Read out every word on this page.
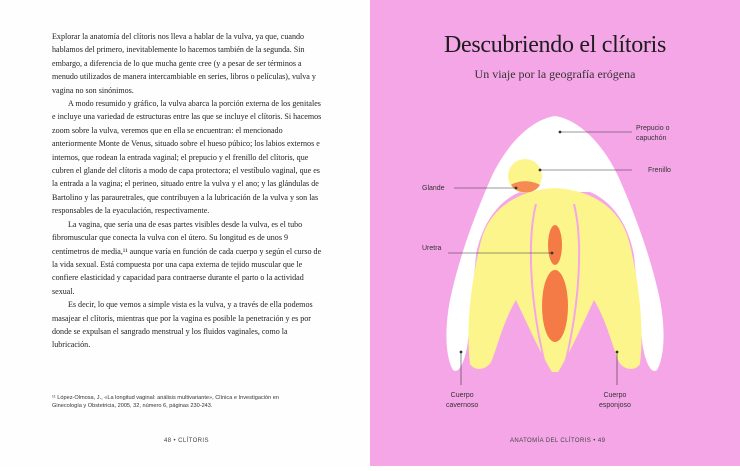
Explorar la anatomía del clítoris nos lleva a hablar de la vulva, ya que, cuando hablamos del primero, inevitablemente lo hacemos también de la segunda. Sin embargo, a diferencia de lo que mucha gente cree (y a pesar de ser términos a menudo utilizados de manera intercambiable en series, libros o películas), vulva y vagina no son sinónimos.

A modo resumido y gráfico, la vulva abarca la porción externa de los genitales e incluye una variedad de estructuras entre las que se incluye el clítoris. Si hacemos zoom sobre la vulva, veremos que en ella se encuentran: el mencionado anteriormente Monte de Venus, situado sobre el hueso púbico; los labios externos e internos, que rodean la entrada vaginal; el prepucio y el frenillo del clítoris, que cubren el glande del clítoris a modo de capa protectora; el vestíbulo vaginal, que es la entrada a la vagina; el perineo, situado entre la vulva y el ano; y las glándulas de Bartolino y las parauretrales, que contribuyen a la lubricación de la vulva y son las responsables de la eyaculación, respectivamente.

La vagina, que sería una de esas partes visibles desde la vulva, es el tubo fibromuscular que conecta la vulva con el útero. Su longitud es de unos 9 centímetros de media,¹¹ aunque varía en función de cada cuerpo y según el curso de la vida sexual. Está compuesta por una capa externa de tejido muscular que le confiere elasticidad y capacidad para contraerse durante el parto o la actividad sexual.

Es decir, lo que vemos a simple vista es la vulva, y a través de ella podemos masajear el clítoris, mientras que por la vagina es posible la penetración y es por donde se expulsan el sangrado menstrual y los fluidos vaginales, como la lubricación.

¹¹ López-Olmosa, J., «La longitud vaginal: análisis multivariante», Clínica e Investigación en Ginecología y Obstetricia, 2005, 32, número 6, páginas 230-243.
48 • CLÍTORIS
Descubriendo el clítoris
Un viaje por la geografía erógena
Prepucio o
capuchón
Frenillo
Glande
Uretra
Cuerpo
cavernoso
Cuerpo
esponjoso
ANATOMÍA DEL CLÍTORIS • 49
